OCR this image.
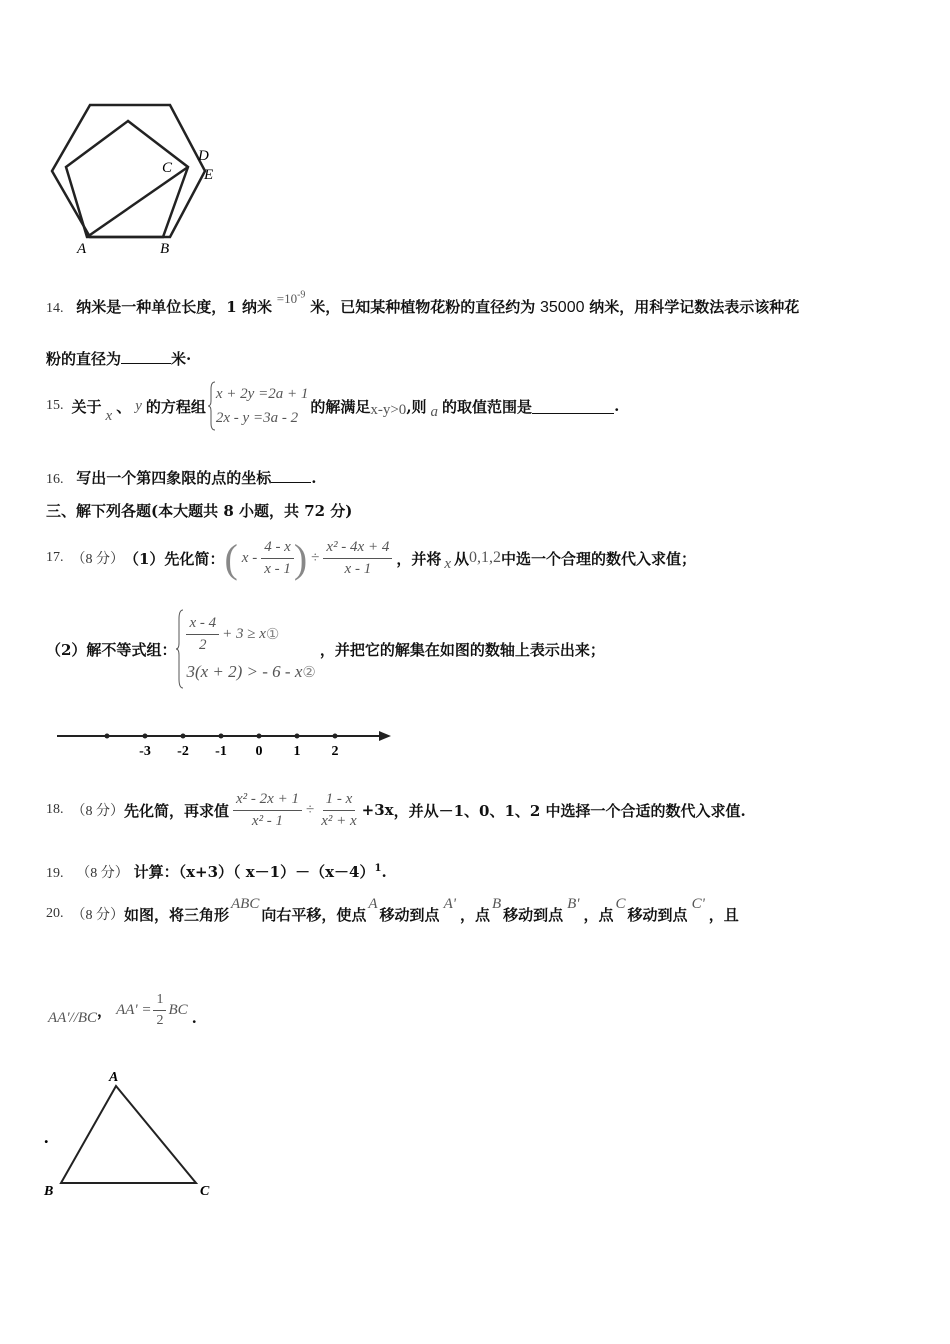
A	B
C
D
E
14. 纳米是一种单位长度，1 纳米 $=10^{-9}$ 米，已知某种植物花粉的直径约为 35000 纳米，用科学记数法表示该种花
粉的直径为	米·
15. 关于 x 、 y 的方程组
x + 2y =2a + 1
2x - y =3a - 2
的解满足 x-y>0 ,则 a 的取值范围是	.
16. 写出一个第四象限的点的坐标	.
三、解下列各题(本大题共 8 小题，共 72 分)
17. （8 分） （1）先化简： ( x - $\frac{4 - x}{x - 1}$ ) ÷ $\frac{\text{x² - 4x + 4}}{x - 1}$ ，并将 x 从 0,1,2 中选一个合理的数代入求值；
（2）解不等式组： $\frac{x - 4}{2} + 3 \ge x$ ①
3(x + 2) > - 6 - x ②
，并把它的解集在如图的数轴上表示出来；
-3 -2 -1 0 1 2
18. （8 分） 先化简，再求值 $\frac{\text{x² - 2x + 1}}{\text{x² - 1}} \div \frac{1 - x}{\text{x² + x}} +3x$ ，并从－1、0、1、2 中选择一个合适的数代入求值.
19. （8 分） 计算：（x+3）（ $x-1)-(x-4)^1$.
20. （8 分） 如图，将三角形
ABC
向右平移，使点
A
移动到点
A'
，点
B
移动到点
B'
，点
C
移动到点
C'
，且
AA'//BC ， $AA' = \frac{1}{2}$ BC .
A
B	C
.
